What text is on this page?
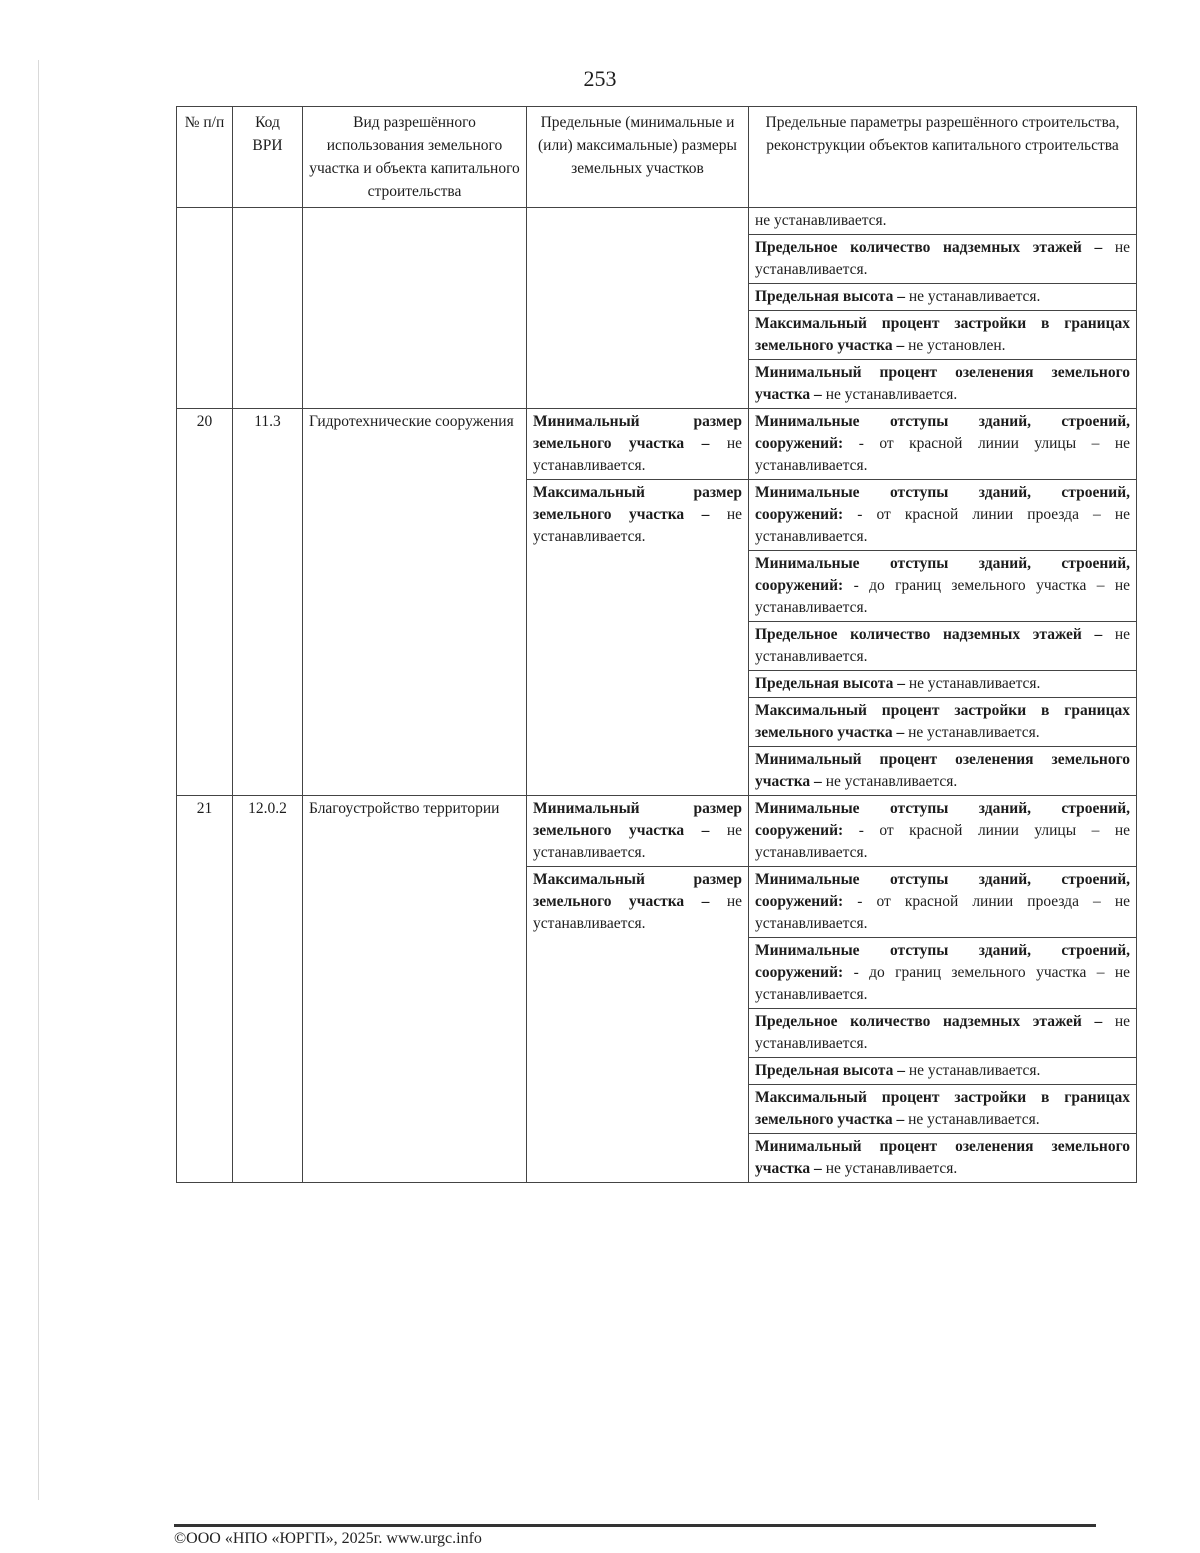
253
№ п/п	Код ВРИ	Вид разрешённого использования земельного участка и объекта капитального строительства	Предельные (минимальные и (или) максимальные) размеры земельных участков	Предельные параметры разрешённого строительства, реконструкции объектов капитального строительства
				не устанавливается.
				Предельное количество надземных этажей – не устанавливается.
				Предельная высота – не устанавливается.
				Максимальный процент застройки в границах земельного участка – не установлен.
				Минимальный процент озеленения земельного участка – не устанавливается.
20	11.3	Гидротехнические сооружения	Минимальный размер земельного участка – не устанавливается.	Минимальные отступы зданий, строений, сооружений: - от красной линии улицы – не устанавливается.
			Максимальный размер земельного участка – не устанавливается.	Минимальные отступы зданий, строений, сооружений: - от красной линии проезда – не устанавливается.
				Минимальные отступы зданий, строений, сооружений: - до границ земельного участка – не устанавливается.
				Предельное количество надземных этажей – не устанавливается.
				Предельная высота – не устанавливается.
				Максимальный процент застройки в границах земельного участка – не устанавливается.
				Минимальный процент озеленения земельного участка – не устанавливается.
21	12.0.2	Благоустройство территории	Минимальный размер земельного участка – не устанавливается.	Минимальные отступы зданий, строений, сооружений: - от красной линии улицы – не устанавливается.
			Максимальный размер земельного участка – не устанавливается.	Минимальные отступы зданий, строений, сооружений: - от красной линии проезда – не устанавливается.
				Минимальные отступы зданий, строений, сооружений: - до границ земельного участка – не устанавливается.
				Предельное количество надземных этажей – не устанавливается.
				Предельная высота – не устанавливается.
				Максимальный процент застройки в границах земельного участка – не устанавливается.
				Минимальный процент озеленения земельного участка – не устанавливается.
©ООО «НПО «ЮРГП», 2025г. www.urgc.info
